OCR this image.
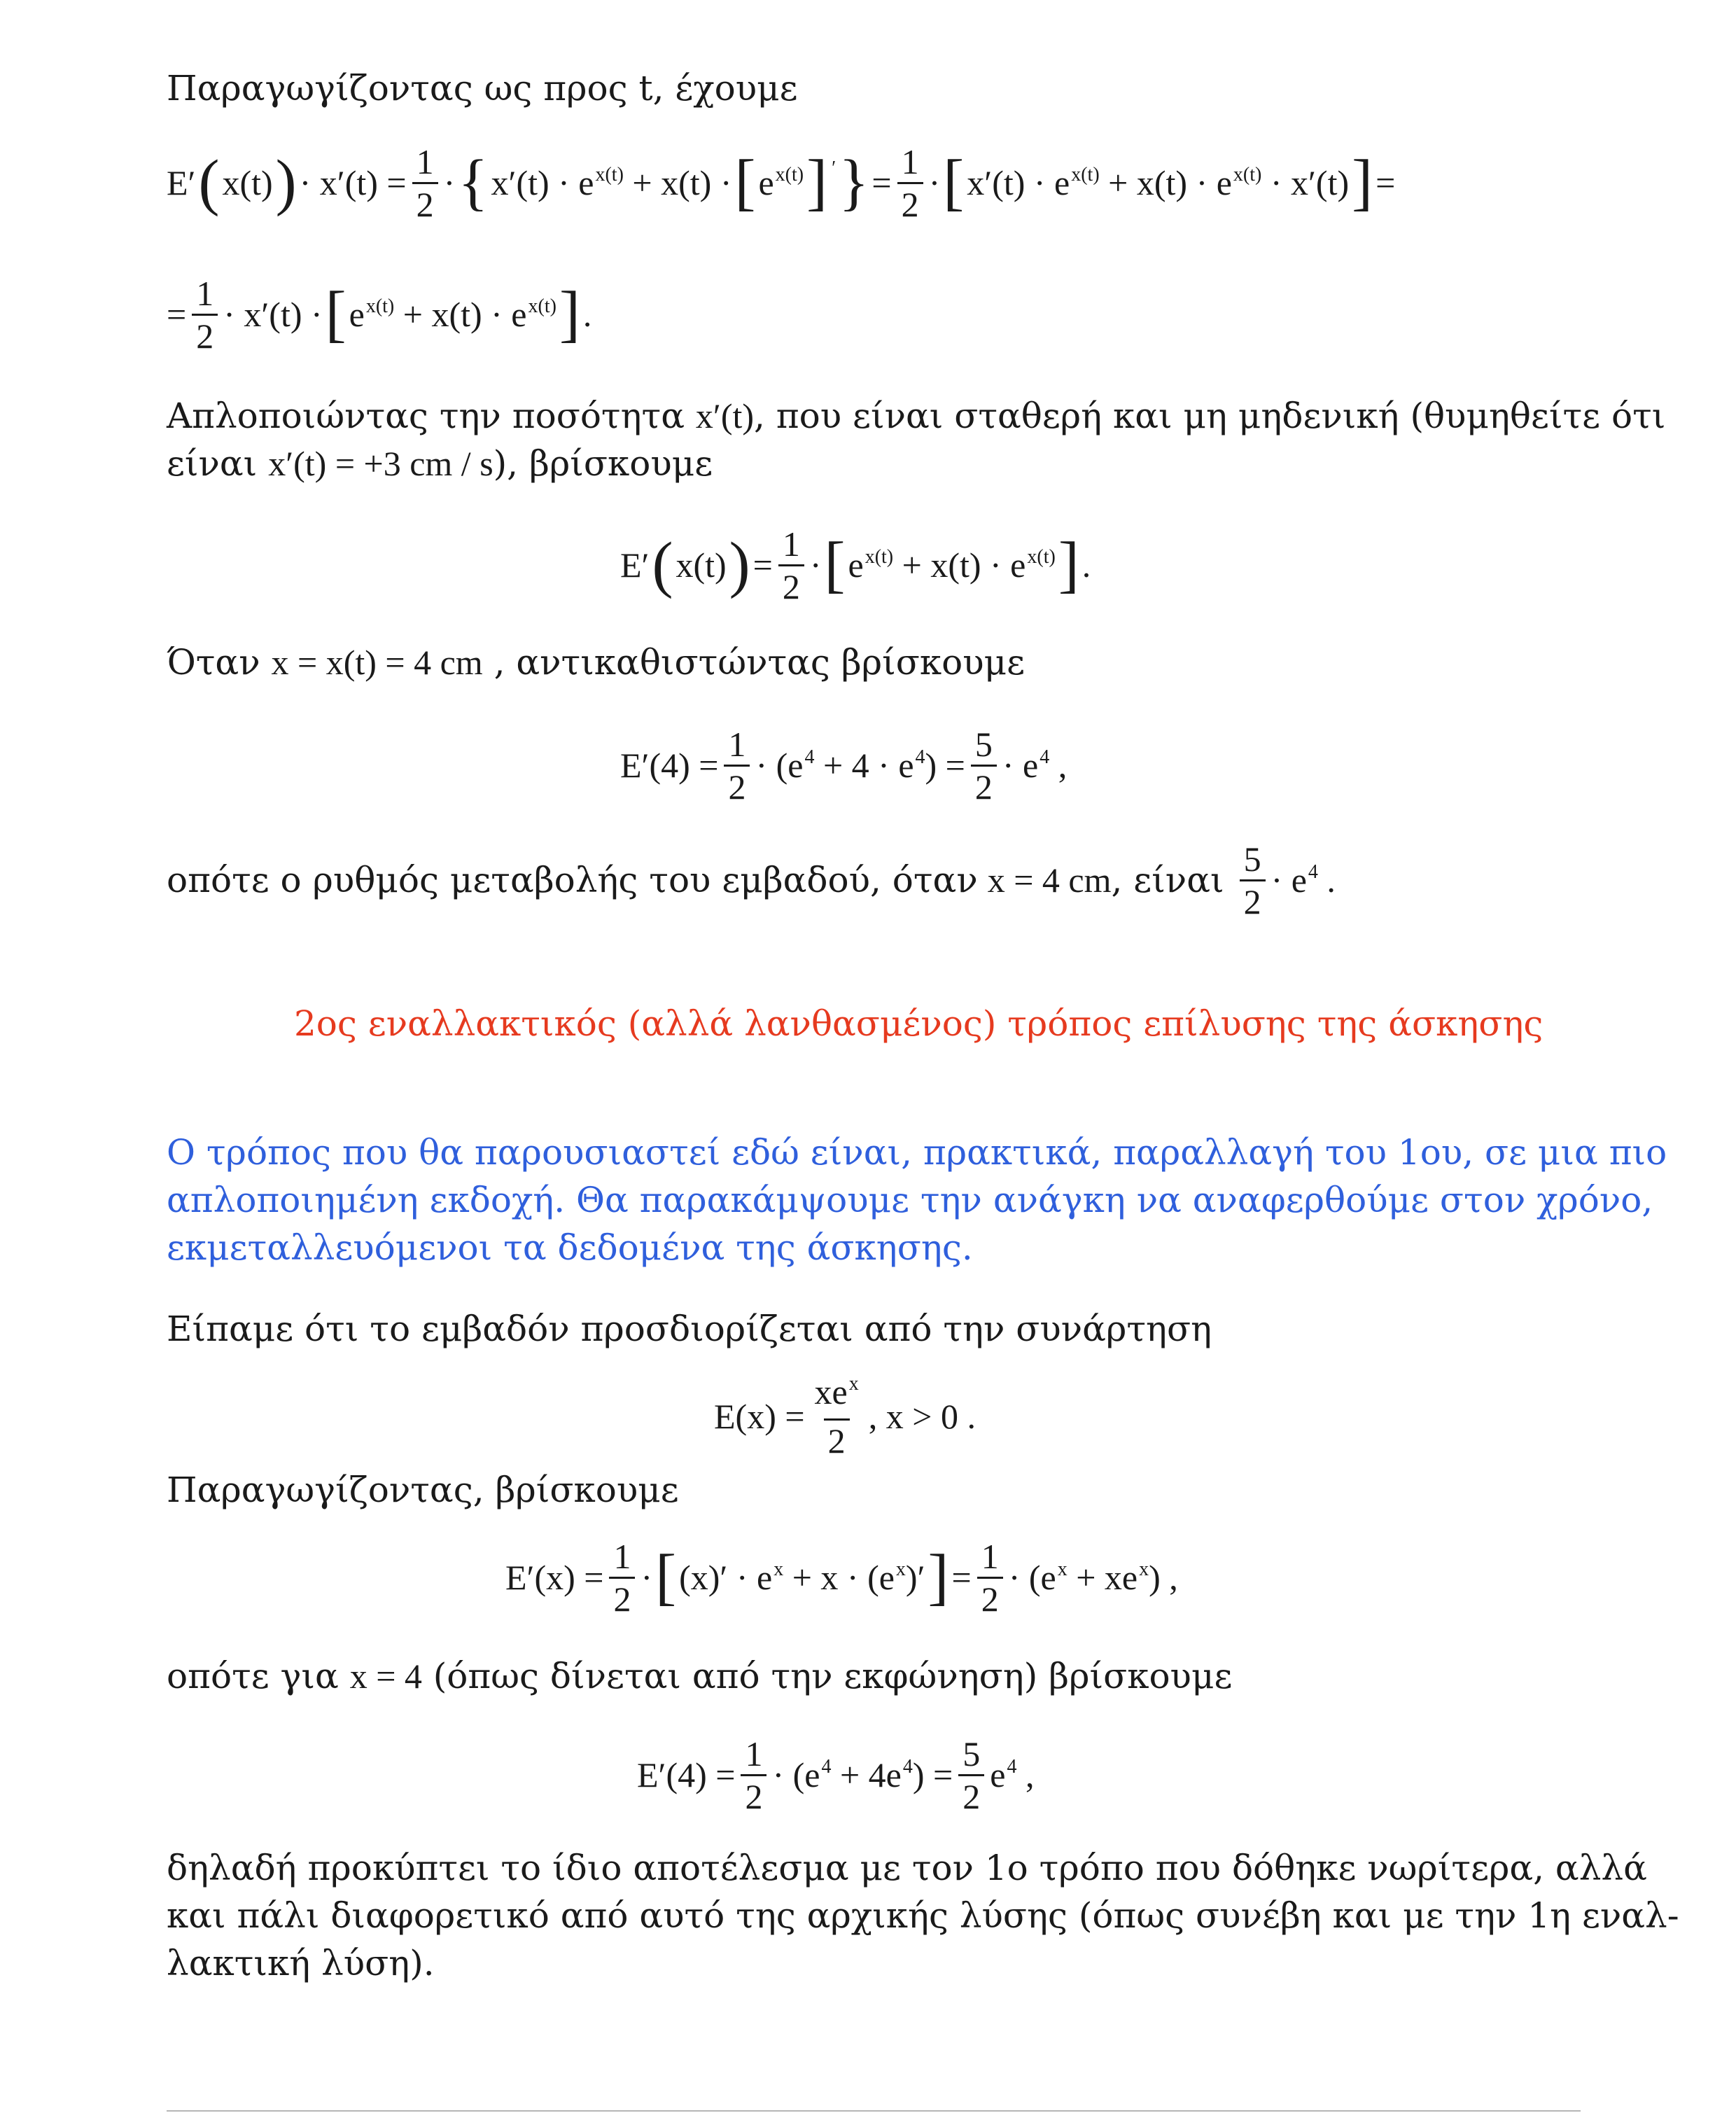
Παραγωγίζοντας ως προς t, έχουμε
E′ ( x(t) ) · $x'(t) = \frac{1}{2}$ · { $x'(t) \cdot e^{x(t)} + x(t)$ · [ $e^{x(t)}$ ] ′ } = $\frac{1}{2}$ · [ $x'(t) \cdot e^{x(t)} + x(t) \cdot e^{x(t)} \cdot x'(t)$ ] =
= $\frac{1}{2} \cdot x'(t)$ · [ $e^{x(t)} + x(t) \cdot e^{x(t)}$ ] .
Απλοποιώντας την ποσότητα x′(t), που είναι σταθερή και μη μηδενική (θυμηθείτε ότι
είναι x′(t) = +3 cm / s), βρίσκουμε
E′ ( x(t) ) = $\frac{1}{2}$ · [ $e^{x(t)} + x(t) \cdot e^{x(t)}$ ] .
Όταν x = x(t) = 4 cm , αντικαθιστώντας βρίσκουμε
$E'(4) = \frac{1}{2} \cdot (e^4 + 4 \cdot e^4) = \frac{5}{2} \cdot e^4$ ,
οπότε ο ρυθμός μεταβολής του εμβαδού, όταν x = 4 cm , είναι $\frac{5}{2} \cdot e^4$ .
2ος εναλλακτικός (αλλά λανθασμένος) τρόπος επίλυσης της άσκησης
Ο τρόπος που θα παρουσιαστεί εδώ είναι, πρακτικά, παραλλαγή του 1ου, σε μια πιο
απλοποιημένη εκδοχή. Θα παρακάμψουμε την ανάγκη να αναφερθούμε στον χρόνο,
εκμεταλλευόμενοι τα δεδομένα της άσκησης.
Είπαμε ότι το εμβαδόν προσδιορίζεται από την συνάρτηση
$E(x) = \frac{xe^x}{2}$ , x > 0 .
Παραγωγίζοντας, βρίσκουμε
$E'(x) = \frac{1}{2}$ · [ $(x)' \cdot e^x + x \cdot (e^x)'$ ] = $\frac{1}{2} \cdot (e^x + xe^x)$ ,
οπότε για x = 4 (όπως δίνεται από την εκφώνηση) βρίσκουμε
$E'(4) = \frac{1}{2} \cdot (e^4 + 4e^4) = \frac{5}{2} e^4$ ,
δηλαδή προκύπτει το ίδιο αποτέλεσμα με τον 1ο τρόπο που δόθηκε νωρίτερα, αλλά
και πάλι διαφορετικό από αυτό της αρχικής λύσης (όπως συνέβη και με την 1η εναλ-
λακτική λύση).
